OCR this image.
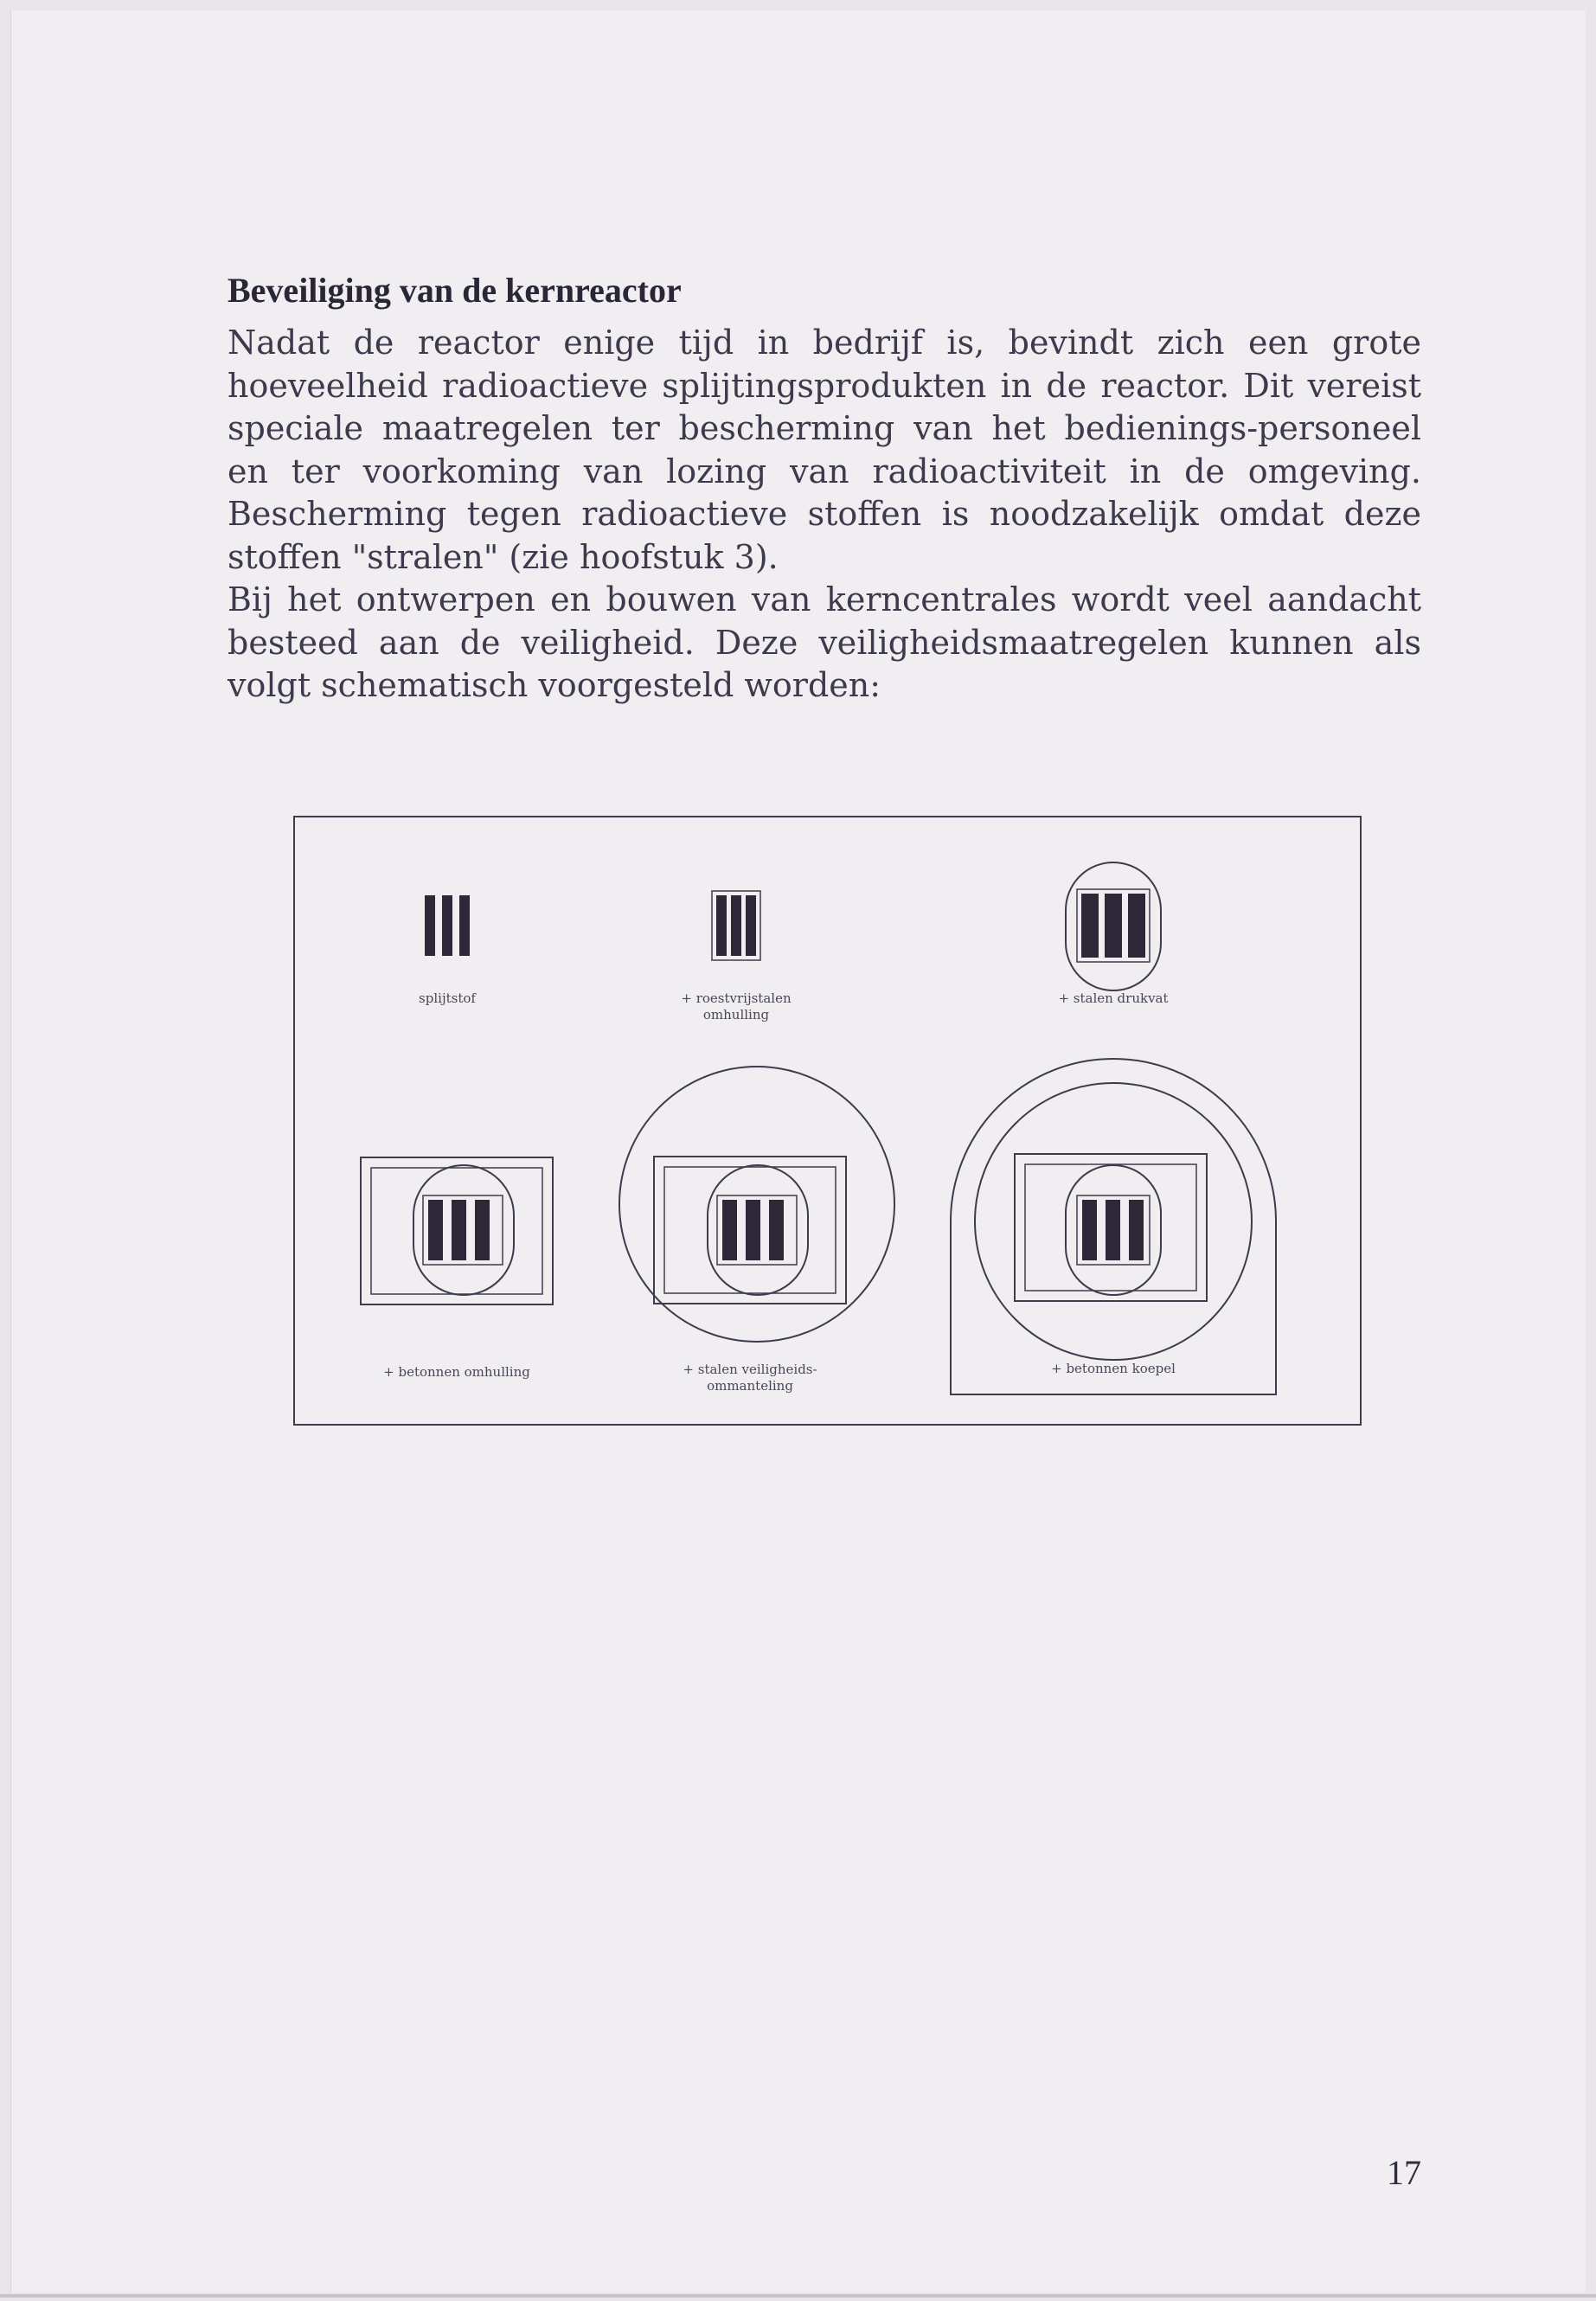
Beveiliging van de kernreactor

Nadat de reactor enige tijd in bedrijf is, bevindt zich een grote hoeveelheid radioactieve splijtingsprodukten in de reactor. Dit vereist speciale maatregelen ter bescherming van het bedienings-personeel en ter voorkoming van lozing van radioactiviteit in de omgeving. Bescherming tegen radioactieve stoffen is noodzakelijk omdat deze stoffen "stralen" (zie hoofstuk 3).

Bij het ontwerpen en bouwen van kerncentrales wordt veel aandacht besteed aan de veiligheid. Deze veiligheidsmaatregelen kunnen als volgt schematisch voorgesteld worden:

splijtstof	+ roestvrijstalen
omhulling
+ stalen drukvat
+ betonnen omhulling	+ stalen veiligheids-
ommanteling
+ betonnen koepel
17
